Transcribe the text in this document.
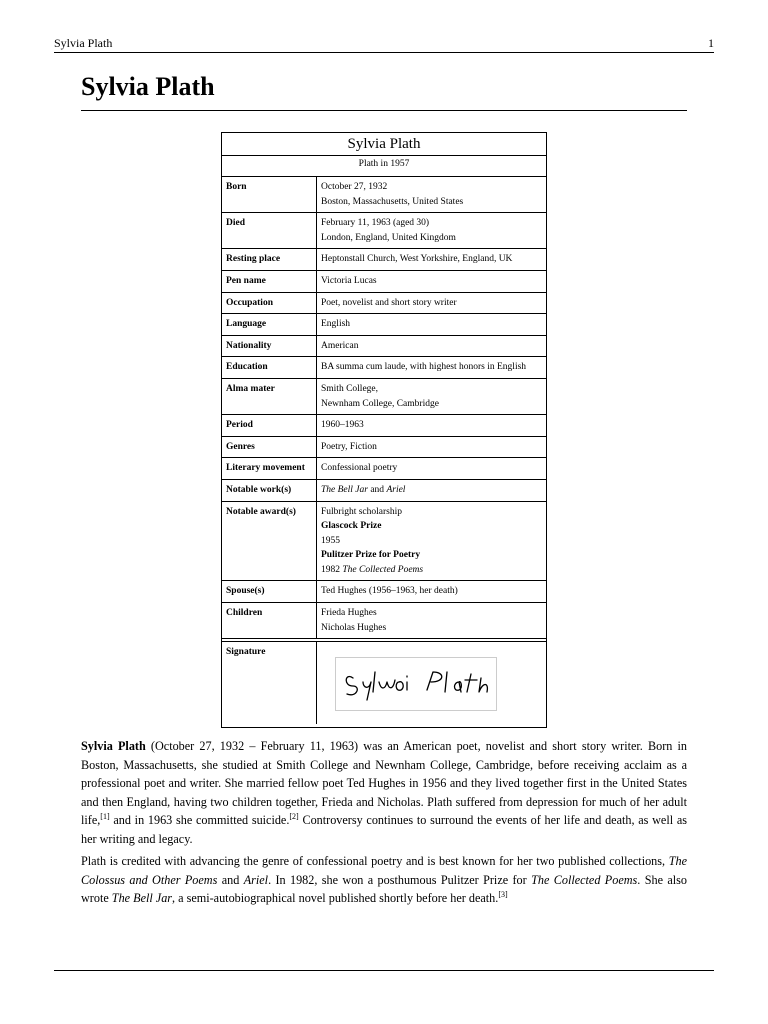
Sylvia Plath	1
Sylvia Plath
Sylvia Plath
Plath in 1957
Born	October 27, 1932
Boston, Massachusetts, United States
Died	February 11, 1963 (aged 30)
London, England, United Kingdom
Resting place	Heptonstall Church, West Yorkshire, England, UK
Pen name	Victoria Lucas
Occupation	Poet, novelist and short story writer
Language	English
Nationality	American
Education	BA summa cum laude, with highest honors in English
Alma mater	Smith College,
Newnham College, Cambridge
Period	1960–1963
Genres	Poetry, Fiction
Literary movement	Confessional poetry
Notable work(s)	The Bell Jar and Ariel
Notable award(s)	Fulbright scholarship
Glascock Prize
1955
Pulitzer Prize for Poetry
1982 The Collected Poems
Spouse(s)	Ted Hughes (1956–1963, her death)
Children	Frieda Hughes
Nicholas Hughes
Signature

Sylvia Plath (October 27, 1932 – February 11, 1963) was an American poet, novelist and short story writer. Born in Boston, Massachusetts, she studied at Smith College and Newnham College, Cambridge, before receiving acclaim as a professional poet and writer. She married fellow poet Ted Hughes in 1956 and they lived together first in the United States and then England, having two children together, Frieda and Nicholas. Plath suffered from depression for much of her adult life,[1] and in 1963 she committed suicide.[2] Controversy continues to surround the events of her life and death, as well as her writing and legacy.

Plath is credited with advancing the genre of confessional poetry and is best known for her two published collections, The Colossus and Other Poems and Ariel. In 1982, she won a posthumous Pulitzer Prize for The Collected Poems. She also wrote The Bell Jar, a semi-autobiographical novel published shortly before her death.[3]
